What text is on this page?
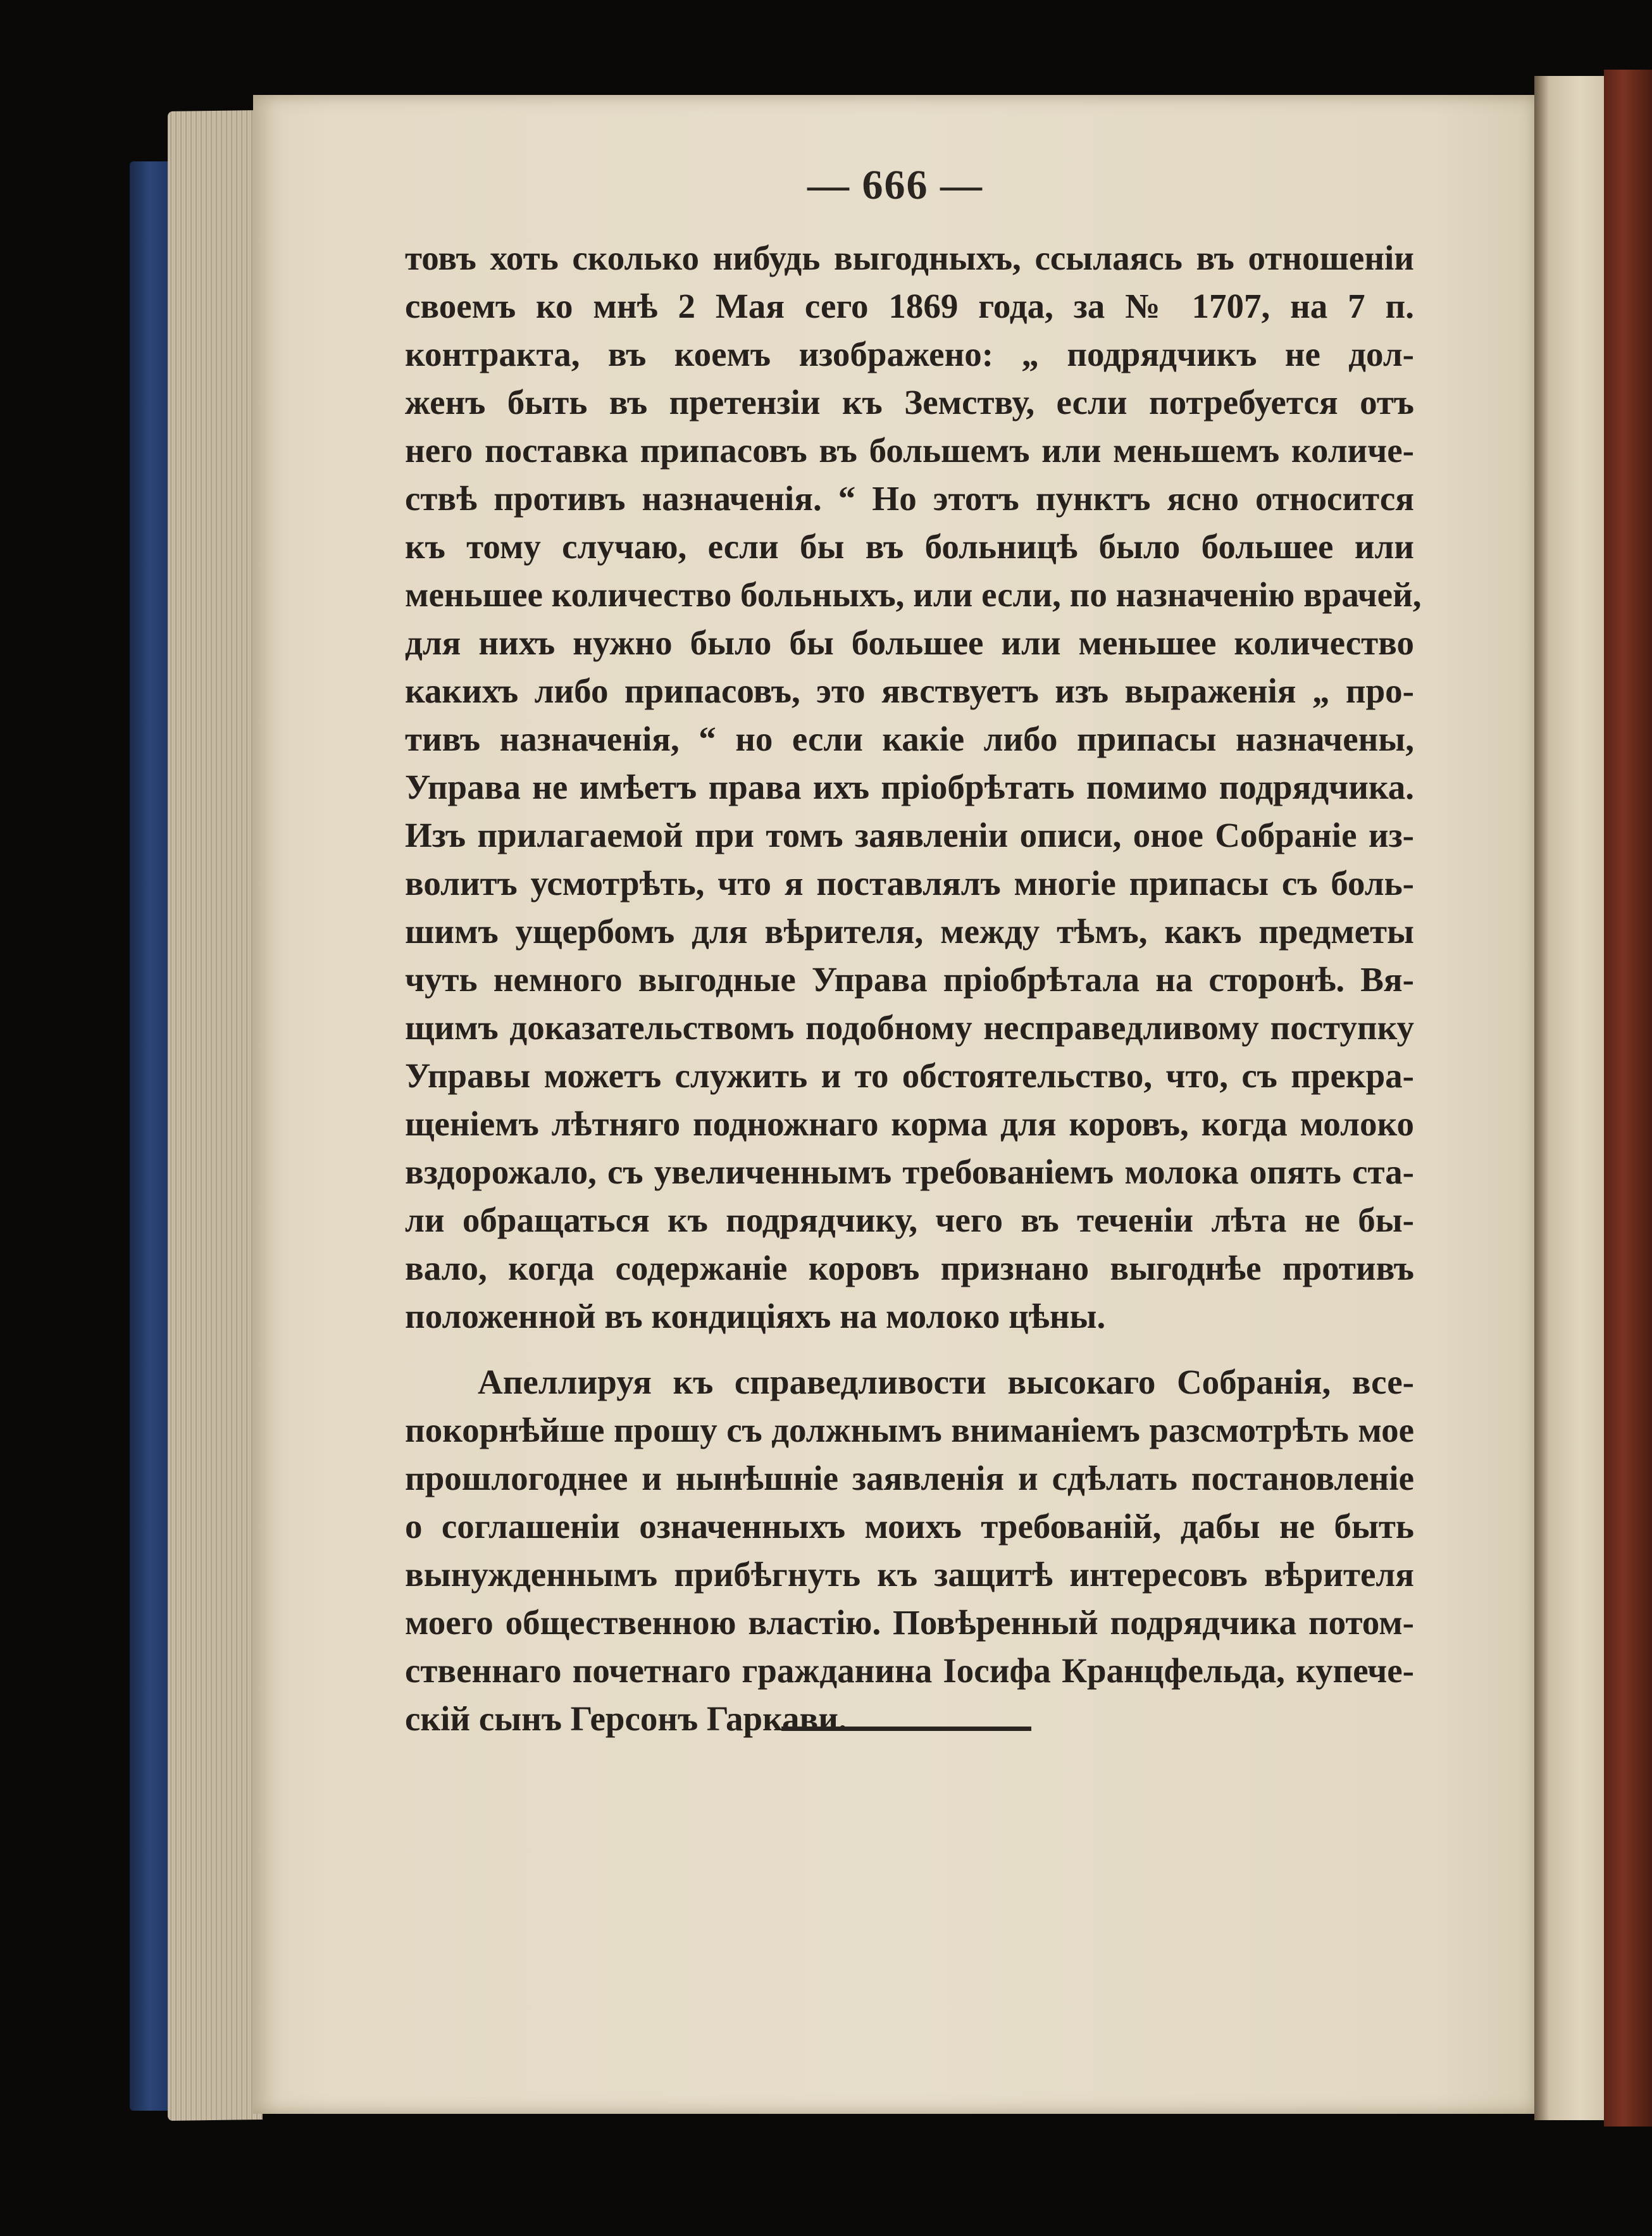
— 666 —
товъ хоть сколько нибудь выгодныхъ, ссылаясь въ отношенiи
своемъ ко мнѣ 2 Мая сего 1869 года, за № 1707, на 7 п.
контракта, въ коемъ изображено: „ подрядчикъ не дол-
женъ быть въ претензiи къ Земству, если потребуется отъ
него поставка припасовъ въ большемъ или меньшемъ количе-
ствѣ противъ назначенiя. “ Но этотъ пунктъ ясно относится
къ тому случаю, если бы въ больницѣ было большее или
меньшее количество больныхъ, или если, по назначенiю врачей,
для нихъ нужно было бы большее или меньшее количество
какихъ либо припасовъ, это явствуетъ изъ выраженiя „ про-
тивъ назначенiя, “ но если какiе либо припасы назначены,
Управа не имѣетъ права ихъ прiобрѣтать помимо подрядчика.
Изъ прилагаемой при томъ заявленiи описи, оное Собранiе из-
волитъ усмотрѣть, что я поставлялъ многiе припасы съ боль-
шимъ ущербомъ для вѣрителя, между тѣмъ, какъ предметы
чуть немного выгодные Управа прiобрѣтала на сторонѣ. Вя-
щимъ доказательствомъ подобному несправедливому поступку
Управы можетъ служить и то обстоятельство, что, съ прекра-
щенiемъ лѣтняго подножнаго корма для коровъ, когда молоко
вздорожало, съ увеличеннымъ требованiемъ молока опять ста-
ли обращаться къ подрядчику, чего въ теченiи лѣта не бы-
вало, когда содержанiе коровъ признано выгоднѣе противъ
положенной въ кондицiяхъ на молоко цѣны.
Апеллируя къ справедливости высокаго Собранiя, все-
покорнѣйше прошу съ должнымъ вниманiемъ разсмотрѣть мое
прошлогоднее и нынѣшнiе заявленiя и сдѣлать постановленiе
о соглашенiи означенныхъ моихъ требованiй, дабы не быть
вынужденнымъ прибѣгнуть къ защитѣ интересовъ вѣрителя
моего общественною властiю. Повѣренный подрядчика потом-
ственнаго почетнаго гражданина Iосифа Кранцфельда, купече-
скiй сынъ Герсонъ Гаркави.
